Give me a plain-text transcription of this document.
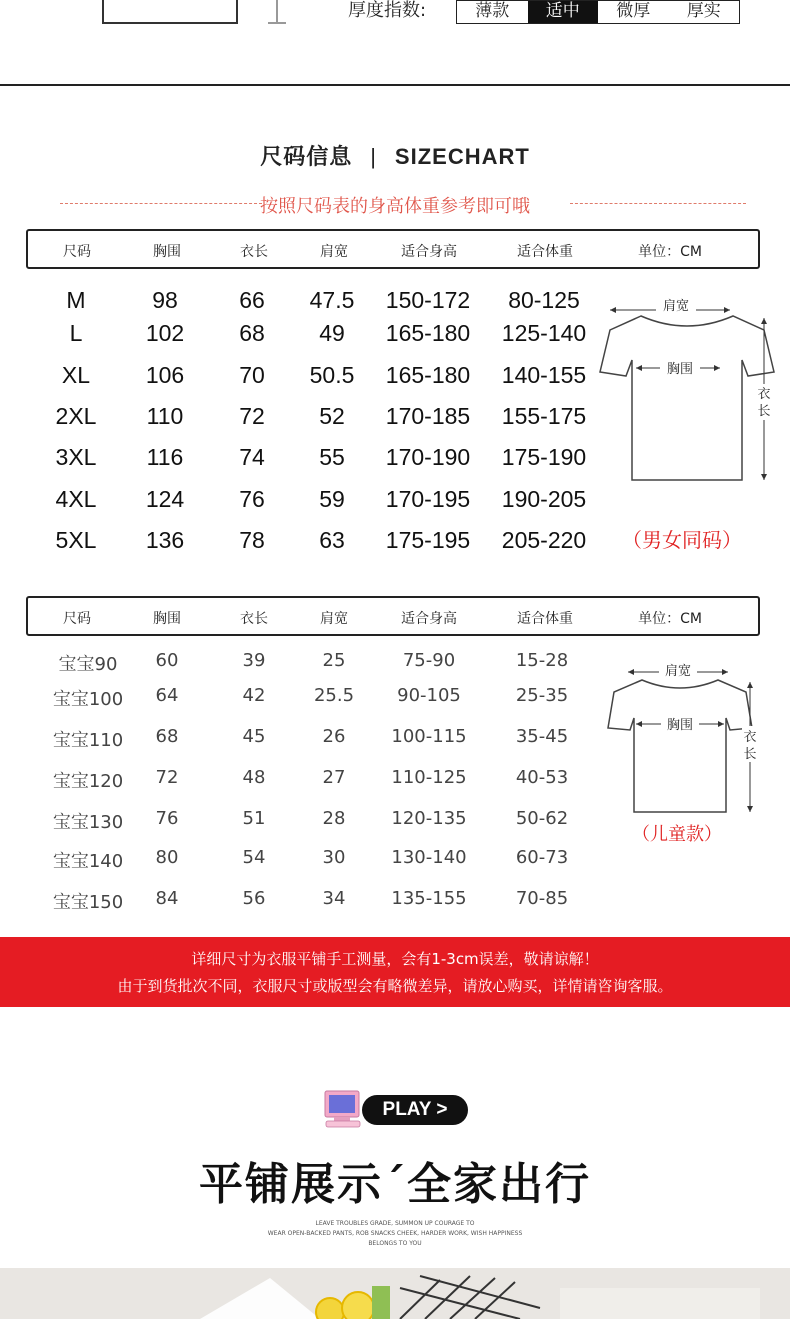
厚度指数:	薄款	适中	微厚	厚实
尺码信息 | SIZECHART
按照尺码表的身高体重参考即可哦
尺码	胸围	衣长	肩宽	适合身高	适合体重	单位：CM
M	98	66 47.5 150-172 80-125
L	102 68 49 165-180 125-140
XL 106 70 50.5 165-180 140-155
2XL 110 72 52 170-185 155-175
3XL 116 74 55 170-190 175-190
4XL 124 76 59 170-195 190-205
5XL 136 78 63 175-195 205-220
肩宽
胸围
衣
长
（男女同码）
尺码	胸围	衣长	肩宽	适合身高	适合体重	单位：CM
宝宝90 60	39	25	75-90	15-28
宝宝100 64	42	25.5 90-105	25-35
宝宝110 68	45	26	100-115	35-45
宝宝120 72	48	27	110-125	40-53
宝宝130 76	51	28	120-135	50-62
宝宝140 80	54	30	130-140	60-73
宝宝150 84	56	34	135-155	70-85
肩宽
胸围
衣
长
（儿童款）
详细尺寸为衣服平铺手工测量，会有1-3cm误差，敬请谅解！
由于到货批次不同，衣服尺寸或版型会有略微差异，请放心购买，详情请咨询客服。
PLAY >
平铺展示ˊ全家出行
LEAVE TROUBLES GRADE, SUMMON UP COURAGE TO
WEAR OPEN-BACKED PANTS, ROB SNACKS CHEEK, HARDER WORK, WISH HAPPINESS
BELONGS TO YOU
